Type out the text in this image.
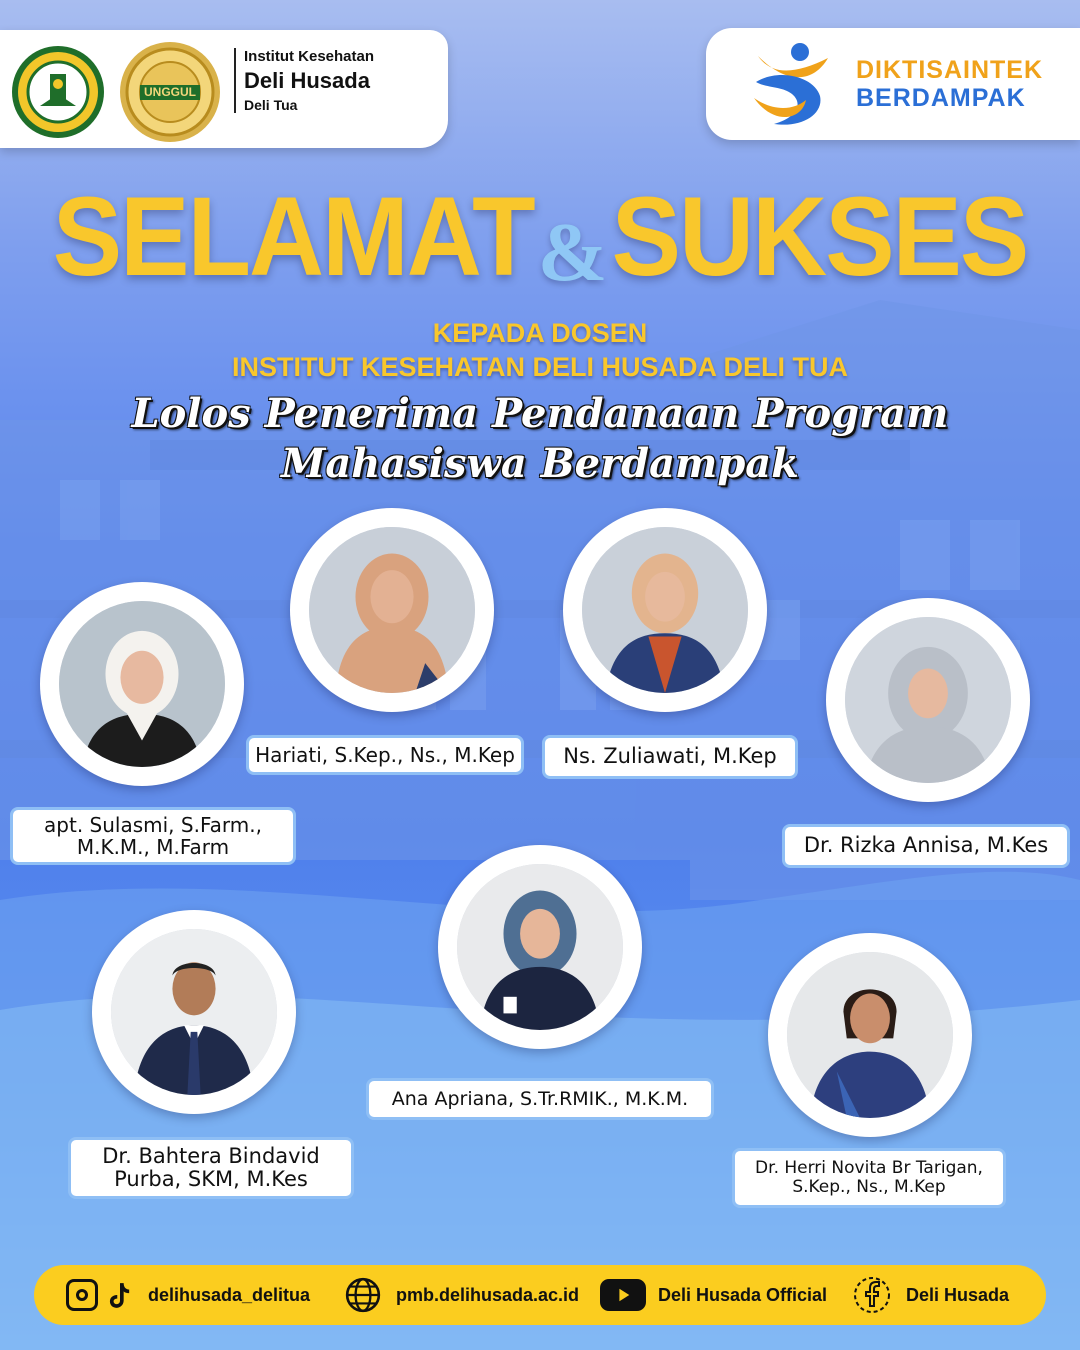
UNGGUL
Institut Kesehatan
Deli Husada
Deli Tua
DIKTISAINTEK
BERDAMPAK
SELAMAT&SUKSES
KEPADA DOSEN
INSTITUT KESEHATAN DELI HUSADA DELI TUA
Lolos Penerima Pendanaan Program
Mahasiswa Berdampak
apt. Sulasmi, S.Farm.,
M.K.M., M.Farm
Hariati, S.Kep., Ns., M.Kep Ns. Zuliawati, M.Kep
Dr. Rizka Annisa, M.Kes
Dr. Bahtera Bindavid
Purba, SKM, M.Kes
Ana Apriana, S.Tr.RMIK., M.K.M.
Dr. Herri Novita Br Tarigan,
S.Kep., Ns., M.Kep
delihusada_delitua	pmb.delihusada.ac.id	Deli Husada Official	Deli Husada
